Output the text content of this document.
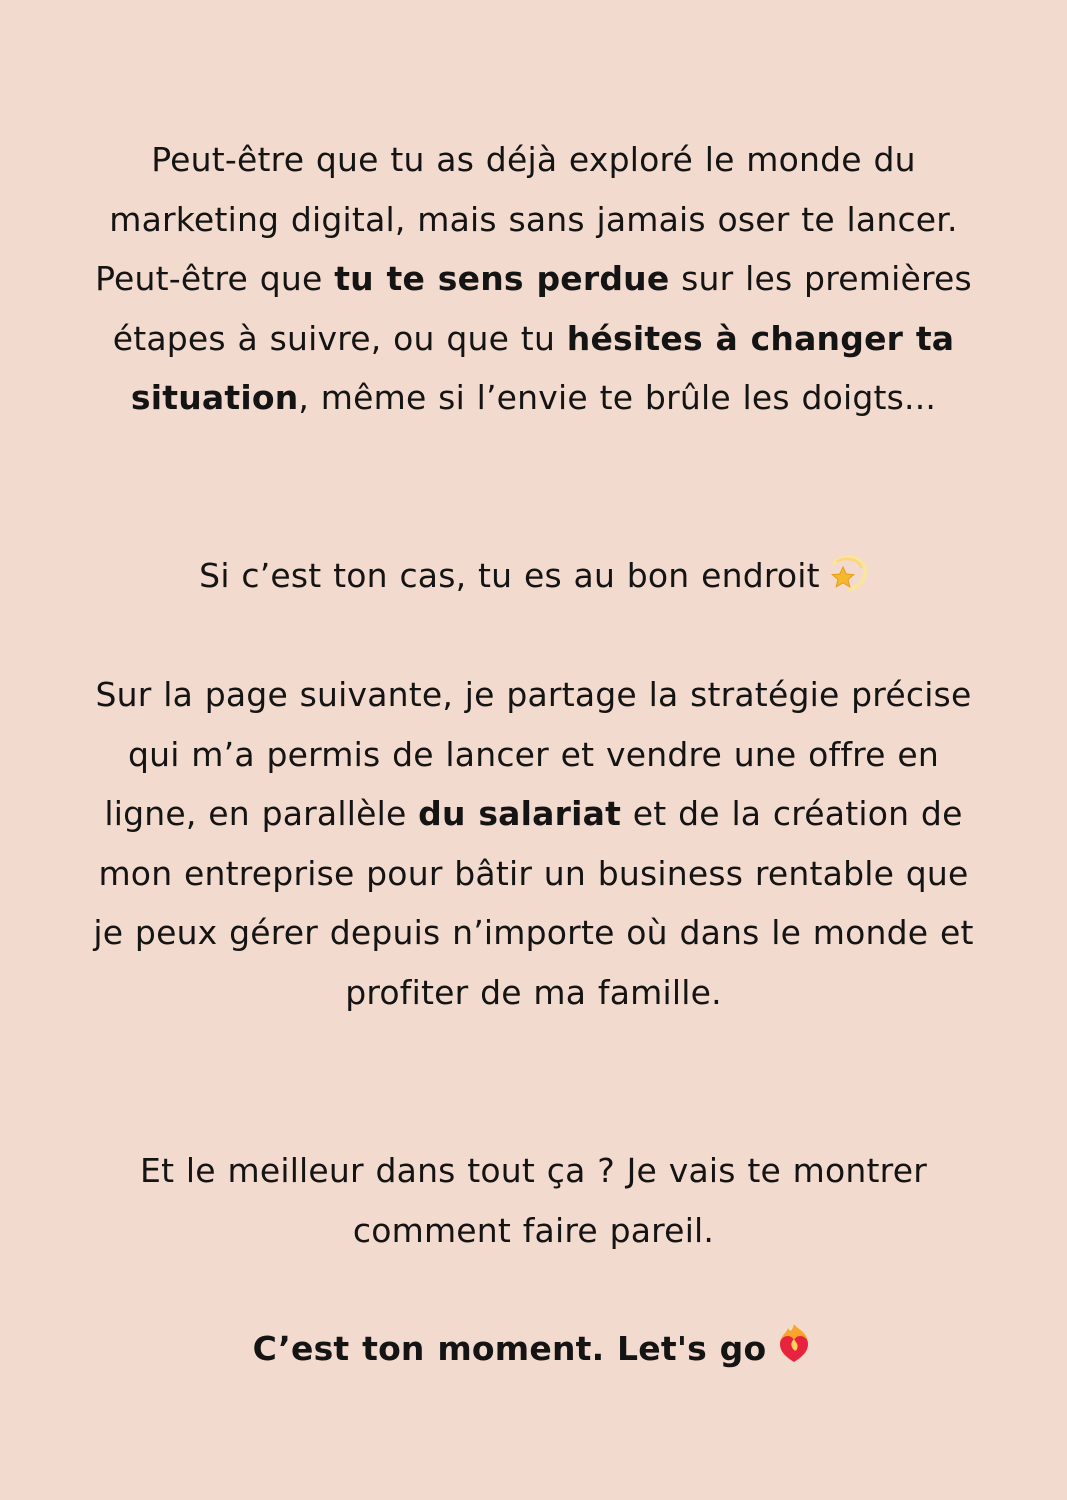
Peut-être que tu as déjà exploré le monde du marketing digital, mais sans jamais oser te lancer. Peut-être que tu te sens perdue sur les premières étapes à suivre, ou que tu hésites à changer ta situation, même si l’envie te brûle les doigts...

Si c’est ton cas, tu es au bon endroit

Sur la page suivante, je partage la stratégie précise qui m’a permis de lancer et vendre une offre en ligne, en parallèle du salariat et de la création de mon entreprise pour bâtir un business rentable que je peux gérer depuis n’importe où dans le monde et profiter de ma famille.

Et le meilleur dans tout ça ? Je vais te montrer comment faire pareil.

C’est ton moment. Let's go
